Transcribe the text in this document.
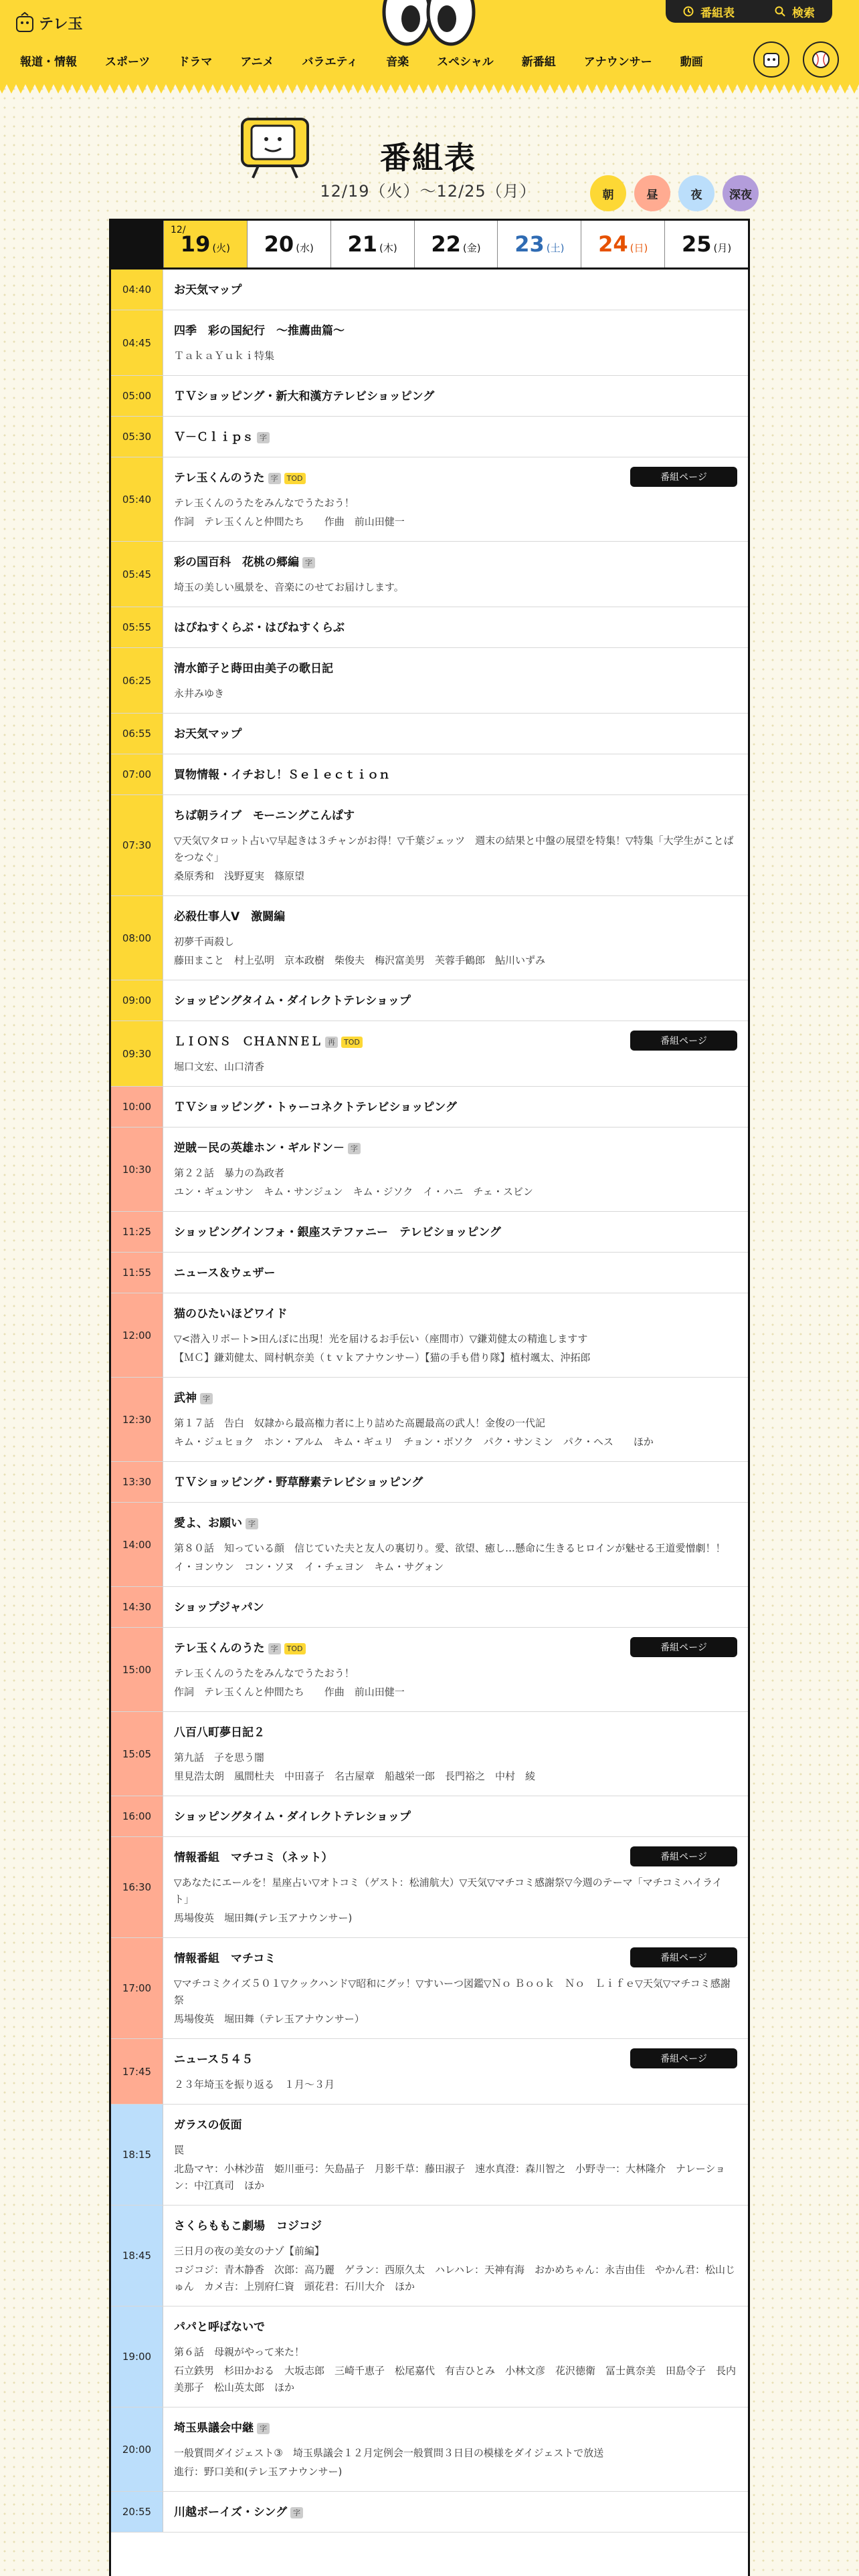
テレ玉
番組表	検索
報道・情報	スポーツ	ドラマ	アニメ	バラエティ	音楽	スペシャル	新番組	アナウンサー	動画
番組表
12/19（火）～12/25（月）	朝	昼	夜	深夜
12/
19 (火) 20 (水) 21 (木) 22 (金) 23 (土) 24 (日) 25 (月)
04:40	お天気マップ
04:45
四季　彩の国紀行　～推薦曲篇～
ＴａｋａＹｕｋｉ特集
05:00	ＴＶショッピング・新大和漢方テレビショッピング
05:30	Ｖ－Ｃｌｉｐｓ 字
05:40
テレ玉くんのうた 字	TOD
テレ玉くんのうたをみんなでうたおう！
作詞　テレ玉くんと仲間たち　　作曲　前山田健一
番組ページ
05:45
彩の国百科　花桃の郷編 字
埼玉の美しい風景を、音楽にのせてお届けします。
05:55	はぴねすくらぶ・はぴねすくらぶ
06:25
清水節子と蒔田由美子の歌日記
永井みゆき
06:55	お天気マップ
07:00	買物情報・イチおし！Ｓｅｌｅｃｔｉｏｎ
07:30
ちば朝ライブ　モーニングこんぱす
▽天気▽タロット占い▽早起きは３チャンがお得！▽千葉ジェッツ　週末の結果と中盤の展望を特集！▽特集「大学生がことばをつなぐ」
桑原秀和　浅野夏実　篠原望
08:00
必殺仕事人Ⅴ　激闘編
初夢千両殺し
藤田まこと　村上弘明　京本政樹　柴俊夫　梅沢富美男　芙蓉手鶴郎　鮎川いずみ
09:00	ショッピングタイム・ダイレクトテレショップ
09:30
ＬＩＯＮＳ　ＣＨＡＮＮＥＬ 再	TOD
堀口文宏、山口清香
番組ページ
10:00	ＴＶショッピング・トゥーコネクトテレビショッピング
10:30
逆賊－民の英雄ホン・ギルドン－ 字
第２２話　暴力の為政者
ユン・ギュンサン　キム・サンジュン　キム・ジソク　イ・ハニ　チェ・スビン
11:25	ショッピングインフォ・銀座ステファニー　テレビショッピング
11:55	ニュース＆ウェザー
12:00
猫のひたいほどワイド
▽<潜入リポート>田んぼに出現！光を届けるお手伝い（座間市）▽鎌苅健太の精進しますす
【ＭＣ】鎌苅健太、岡村帆奈美（ｔｖｋアナウンサー）【猫の手も借り隊】植村颯太、沖拓郎
12:30
武神 字
第１７話　告白　奴隷から最高権力者に上り詰めた高麗最高の武人！金俊の一代記
キム・ジュヒョク　ホン・アルム　キム・ギュリ　チョン・ボソク　パク・サンミン　パク・ヘス　　ほか
13:30	ＴＶショッピング・野草酵素テレビショッピング
14:00
愛よ、お願い 字
第８０話　知っている顔　信じていた夫と友人の裏切り。愛、欲望、癒し…懸命に生きるヒロインが魅せる王道愛憎劇！！
イ・ヨンウン　コン・ソヌ　イ・チェヨン　キム・サグォン
14:30	ショップジャパン
15:00
テレ玉くんのうた 字	TOD
テレ玉くんのうたをみんなでうたおう！
作詞　テレ玉くんと仲間たち　　作曲　前山田健一
番組ページ
15:05
八百八町夢日記２
第九話　子を思う闇
里見浩太朗　風間杜夫　中田喜子　名古屋章　船越栄一郎　長門裕之　中村　綾
16:00	ショッピングタイム・ダイレクトテレショップ
16:30
情報番組　マチコミ（ネット）
▽あなたにエールを！星座占い▽オトコミ（ゲスト：松浦航大）▽天気▽マチコミ感謝祭▽今週のテーマ「マチコミハイライト」
馬場俊英　堀田舞(テレ玉アナウンサー)
番組ページ
17:00
情報番組　マチコミ
▽マチコミクイズ５０１▽クックハンド▽昭和にグッ！▽すいーつ図鑑▽Ｎｏ Ｂｏｏｋ　Ｎｏ　Ｌｉｆｅ▽天気▽マチコミ感謝祭
馬場俊英　堀田舞（テレ玉アナウンサー）
番組ページ
17:45
ニュース５４５
２３年埼玉を振り返る　１月～３月
番組ページ
18:15
ガラスの仮面
罠
北島マヤ：小林沙苗　姫川亜弓：矢島晶子　月影千草：藤田淑子　速水真澄：森川智之　小野寺一：大林隆介　ナレーション：中江真司　ほか
18:45
さくらももこ劇場　コジコジ
三日月の夜の美女のナゾ【前編】
コジコジ：青木静香　次郎：高乃麗　ゲラン：西原久太　ハレハレ：天神有海　おかめちゃん：永吉由佳　やかん君：松山じゅん　カメ吉：上別府仁資　頭花君：石川大介　ほか
19:00
パパと呼ばないで
第６話　母親がやって来た！
石立鉄男　杉田かおる　大坂志郎　三崎千恵子　松尾嘉代　有吉ひとみ　小林文彦　花沢徳衛　冨士眞奈美　田島令子　長内美那子　松山英太郎　ほか
20:00
埼玉県議会中継 字
一般質問ダイジェスト③　埼玉県議会１２月定例会一般質問３日目の模様をダイジェストで放送
進行：野口美和(テレ玉アナウンサー)
20:55	川越ボーイズ・シング 字
